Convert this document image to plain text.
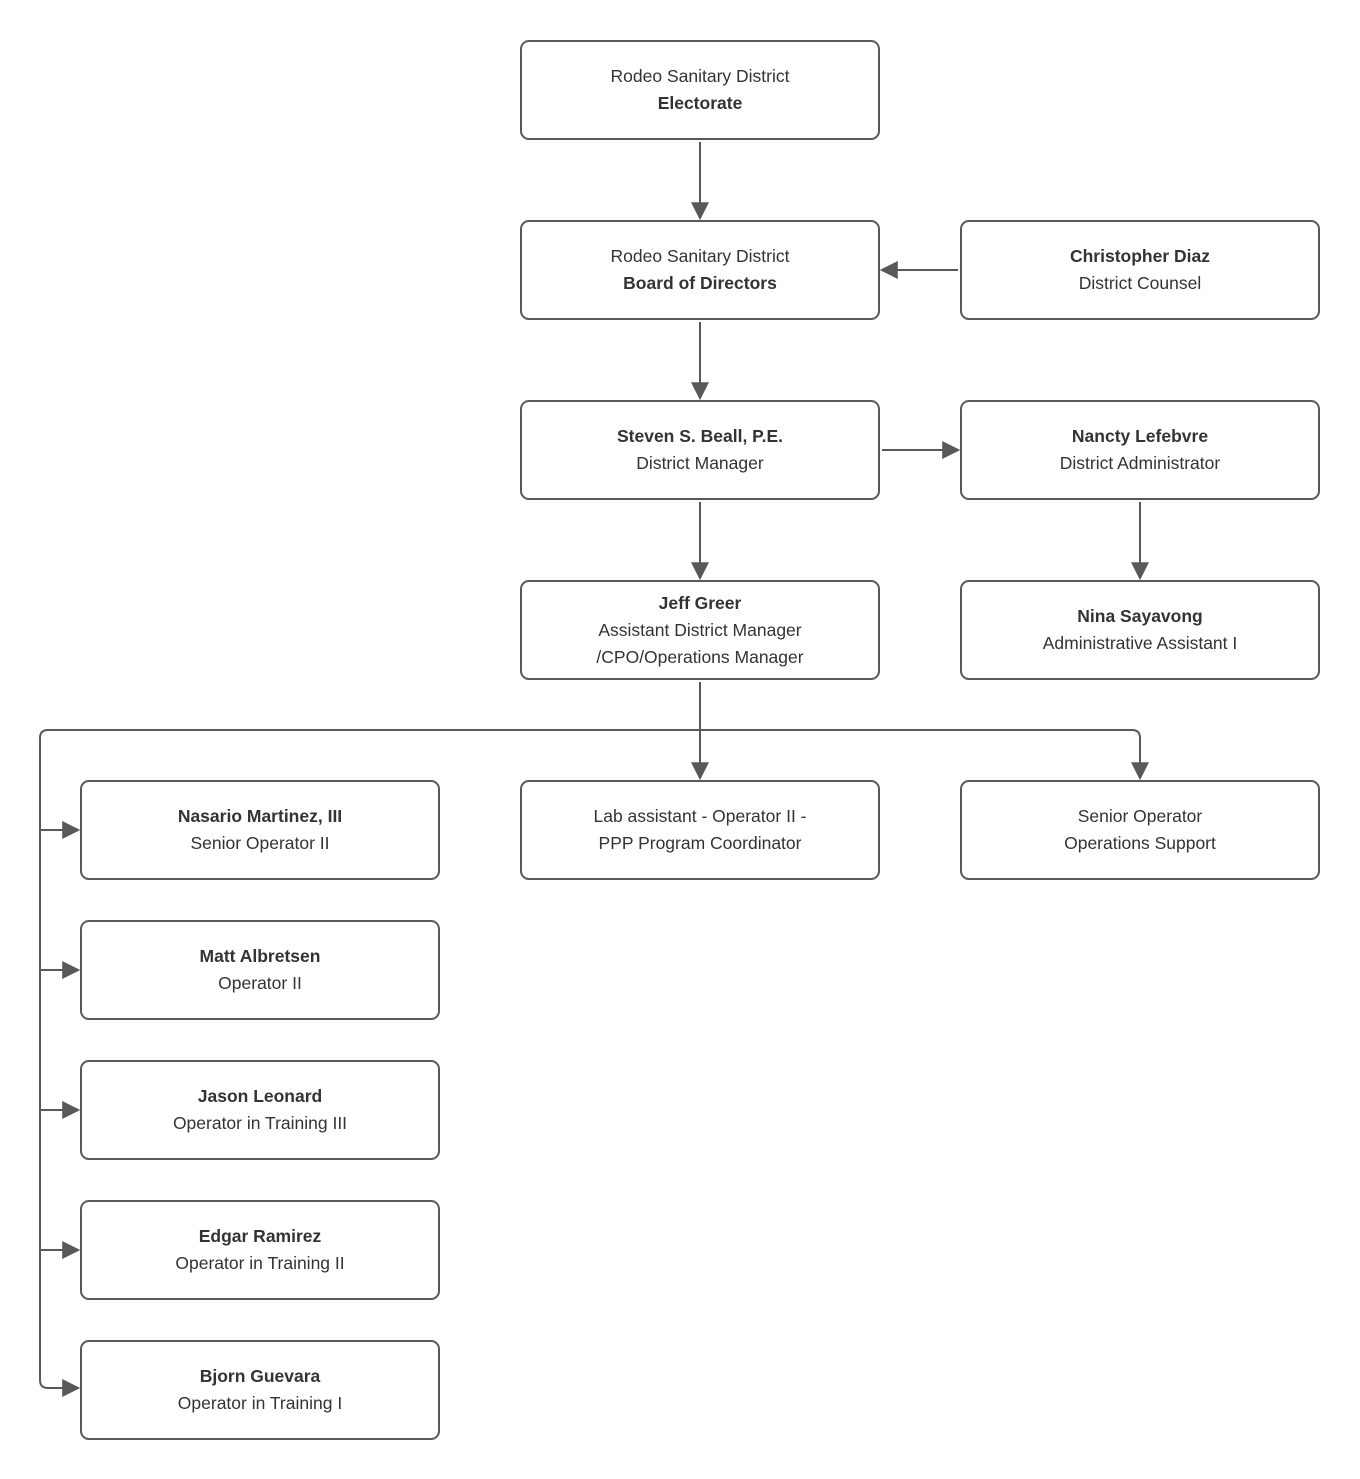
Rodeo Sanitary District
Electorate
Rodeo Sanitary District
Board of Directors
Christopher Diaz
District Counsel
Steven S. Beall, P.E.
District Manager
Nancty Lefebvre
District Administrator
Jeff Greer
Assistant District Manager
/CPO/Operations Manager
Nina Sayavong
Administrative Assistant I
Lab assistant - Operator II -
PPP Program Coordinator
Senior Operator
Operations Support
Nasario Martinez, III
Senior Operator II
Matt Albretsen
Operator II
Jason Leonard
Operator in Training III
Edgar Ramirez
Operator in Training II
Bjorn Guevara
Operator in Training I
